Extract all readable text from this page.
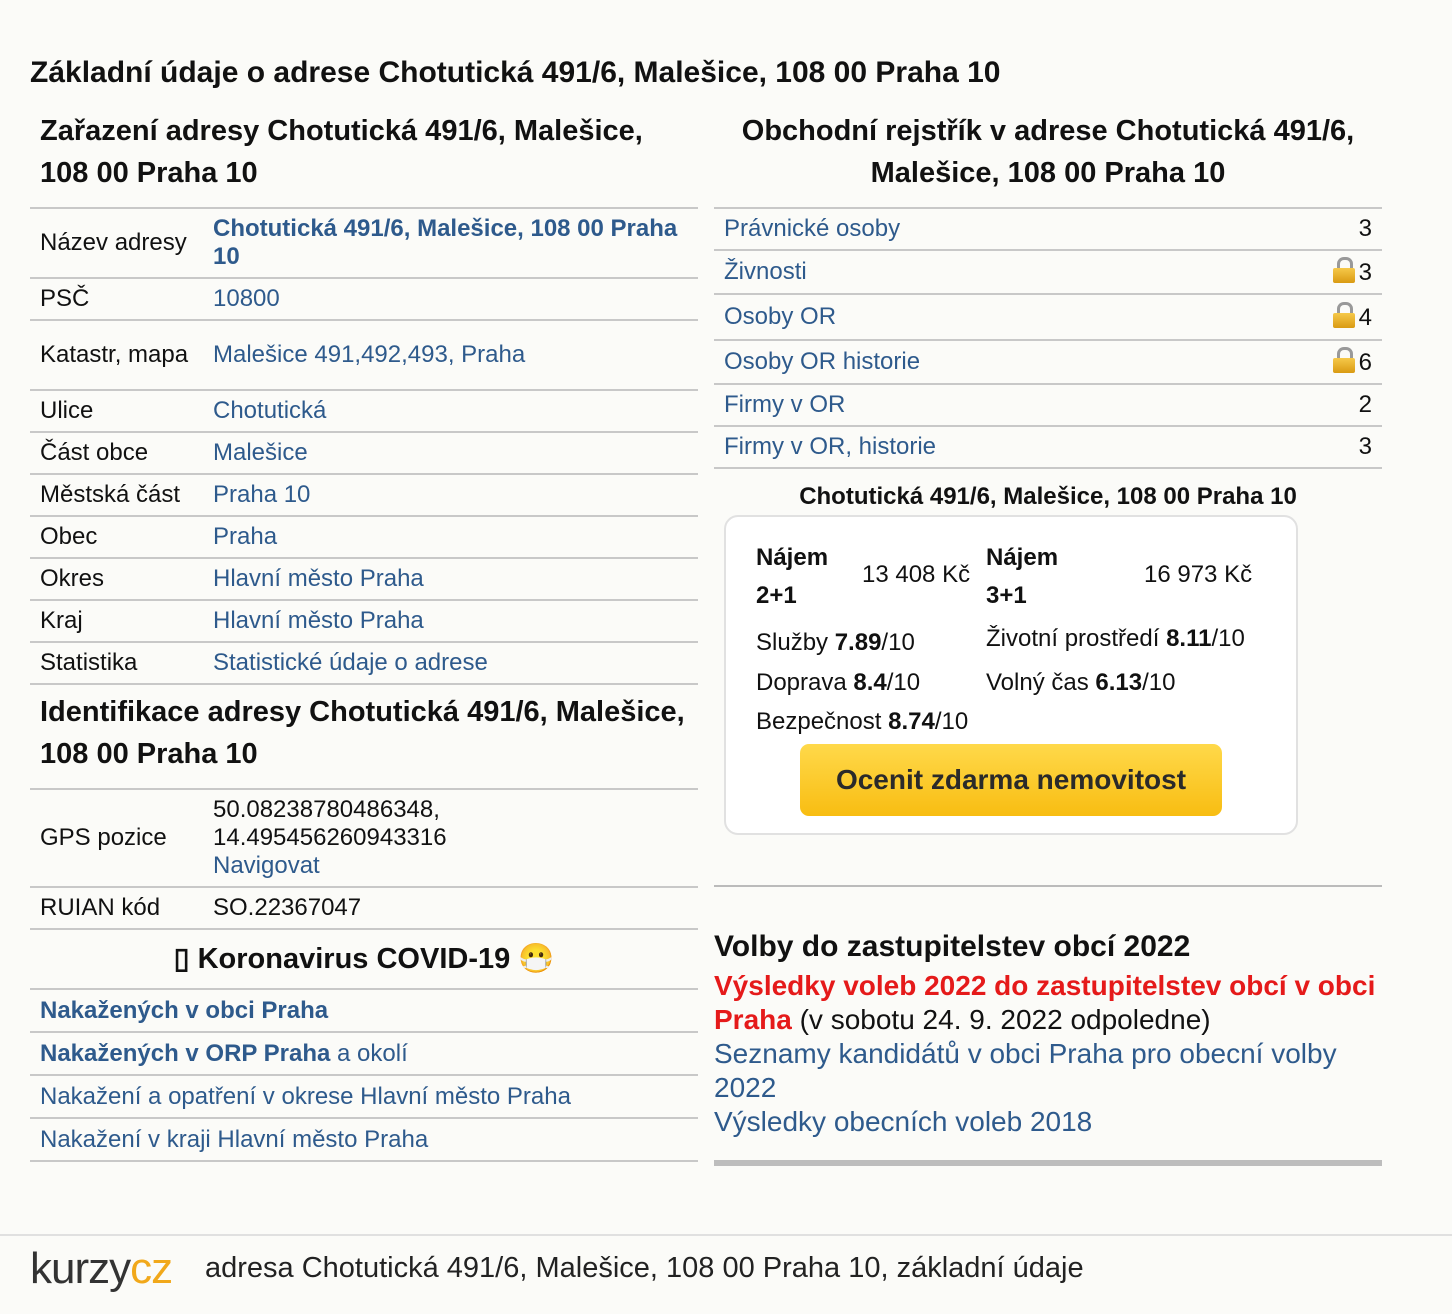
Základní údaje o adrese Chotutická 491/6, Malešice, 108 00 Praha 10
Zařazení adresy Chotutická 491/6, Malešice, 108 00 Praha 10
Název adresy	Chotutická 491/6, Malešice, 108 00 Praha 10
PSČ	10800
Katastr, mapa	Malešice 491,492,493, Praha
Ulice	Chotutická
Část obce	Malešice
Městská část	Praha 10
Obec	Praha
Okres	Hlavní město Praha
Kraj	Hlavní město Praha
Statistika	Statistické údaje o adrese
Identifikace adresy Chotutická 491/6, Malešice, 108 00 Praha 10
GPS pozice	50.08238780486348,
14.495456260943316
Navigovat
RUIAN kód	SO.22367047
▯ Koronavirus COVID-19 😷
Nakažených v obci Praha
Nakažených v ORP Praha a okolí
Nakažení a opatření v okrese Hlavní město Praha
Nakažení v kraji Hlavní město Praha
Obchodní rejstřík v adrese Chotutická 491/6, Malešice, 108 00 Praha 10
Právnické osoby	3
Živnosti	3
Osoby OR	4
Osoby OR historie	6
Firmy v OR	2
Firmy v OR, historie	3
Chotutická 491/6, Malešice, 108 00 Praha 10
Nájem
2+1
13 408 Kč
Nájem
3+1
16 973 Kč
Služby 7.89/10	Životní prostředí 8.11/10
Doprava 8.4/10	Volný čas 6.13/10
Bezpečnost 8.74/10
Ocenit zdarma nemovitost
Volby do zastupitelstev obcí 2022
Výsledky voleb 2022 do zastupitelstev obcí v obci Praha (v sobotu 24. 9. 2022 odpoledne)
Seznamy kandidátů v obci Praha pro obecní volby 2022
Výsledky obecních voleb 2018
kurzycz adresa Chotutická 491/6, Malešice, 108 00 Praha 10, základní údaje
